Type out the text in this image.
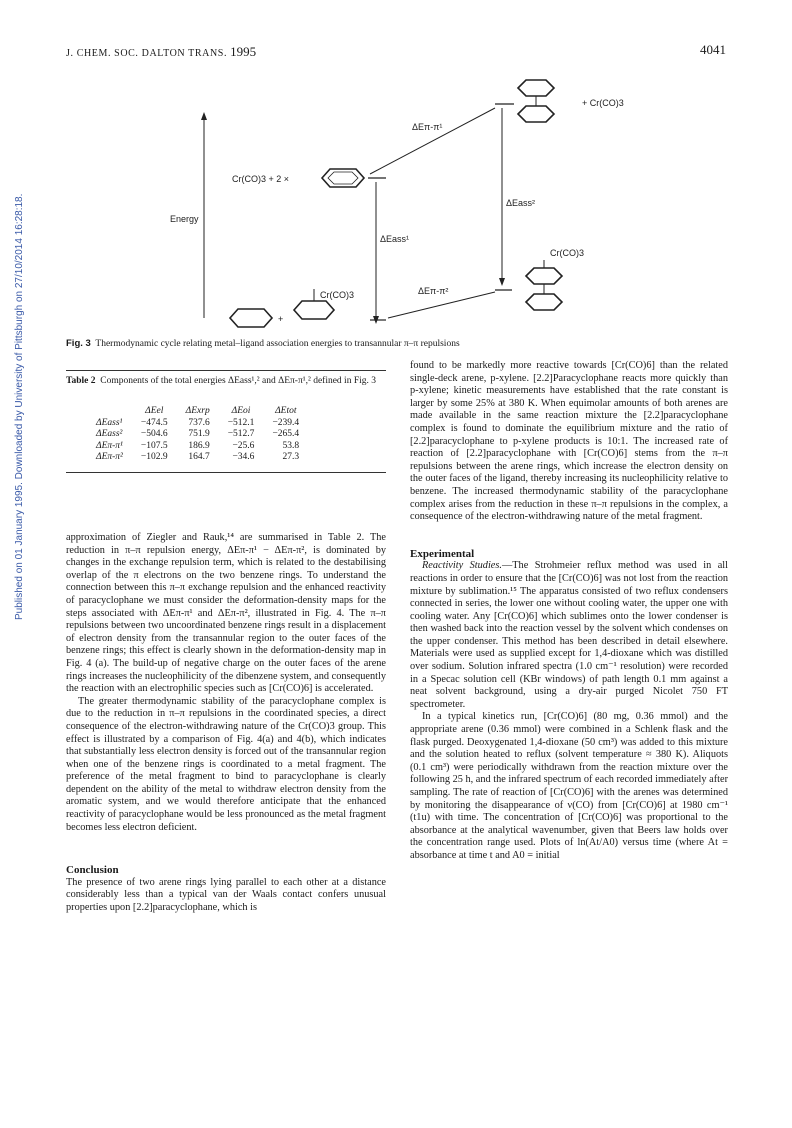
J. CHEM. SOC. DALTON TRANS. 1995	4041
Published on 01 January 1995. Downloaded by University of Pittsburgh on 27/10/2014 16:28:18.	Energy
Cr(CO)3 + 2 ×
+ Cr(CO)3
ΔEπ-π¹
ΔEass¹
ΔEass²
+
Cr(CO)3	ΔEπ-π²
Cr(CO)3
Fig. 3 Thermodynamic cycle relating metal–ligand association energies to transannular π–π repulsions
Table 2 Components of the total energies ΔEass¹,² and ΔEπ-π¹,² defined in Fig. 3
	ΔEel	ΔExrp	ΔEoi	ΔEtot
ΔEass¹	−474.5	737.6	−512.1	−239.4
ΔEass²	−504.6	751.9	−512.7	−265.4
ΔEπ-π¹	−107.5	186.9	−25.6	53.8
ΔEπ-π²	−102.9	164.7	−34.6	27.3

approximation of Ziegler and Rauk,¹⁴ are summarised in Table 2. The reduction in π–π repulsion energy, ΔEπ-π¹ − ΔEπ-π², is dominated by changes in the exchange repulsion term, which is related to the destabilising overlap of the π electrons on the two benzene rings. To understand the connection between this π–π exchange repulsion and the enhanced reactivity of paracyclophane we must consider the deformation-density maps for the steps associated with ΔEπ-π¹ and ΔEπ-π², illustrated in Fig. 4. The π–π repulsions between two uncoordinated benzene rings result in a displacement of electron density from the transannular region to the outer faces of the benzene rings; this effect is clearly shown in the deformation-density map in Fig. 4 (a). The build-up of negative charge on the outer faces of the arene rings increases the nucleophilicity of the dibenzene system, and consequently the reaction with an electrophilic species such as [Cr(CO)6] is accelerated.

The greater thermodynamic stability of the paracyclophane complex is due to the reduction in π–π repulsions in the coordinated species, a direct consequence of the electron-withdrawing nature of the Cr(CO)3 group. This effect is illustrated by a comparison of Fig. 4(a) and 4(b), which indicates that substantially less electron density is forced out of the transannular region when one of the benzene rings is coordinated to a metal fragment. The preference of the metal fragment to bind to paracyclophane is clearly dependent on the ability of the metal to withdraw electron density from the aromatic system, and we would therefore anticipate that the enhanced reactivity of paracyclophane would be less pronounced as the metal fragment becomes less electron deficient.

Conclusion

The presence of two arene rings lying parallel to each other at a distance considerably less than a typical van der Waals contact confers unusual properties upon [2.2]paracyclophane, which is

found to be markedly more reactive towards [Cr(CO)6] than the related single-deck arene, p-xylene. [2.2]Paracyclophane reacts more quickly than p-xylene; kinetic measurements have established that the rate constant is larger by some 25% at 380 K. When equimolar amounts of both arenes are made available in the same reaction mixture the [2.2]paracyclophane complex is found to dominate the equilibrium mixture and the ratio of [2.2]paracyclophane to p-xylene products is 10:1. The increased rate of reaction of [2.2]paracyclophane with [Cr(CO)6] stems from the π–π repulsions between the arene rings, which increase the electron density on the outer faces of the ligand, thereby increasing its nucleophilicity relative to benzene. The increased thermodynamic stability of the paracyclophane complex arises from the reduction in these π–π repulsions in the complex, a consequence of the electron-withdrawing nature of the metal fragment.

Experimental

Reactivity Studies.—The Strohmeier reflux method was used in all reactions in order to ensure that the [Cr(CO)6] was not lost from the reaction mixture by sublimation.¹⁵ The apparatus consisted of two reflux condensers connected in series, the lower one without cooling water, the upper one with cooling water. Any [Cr(CO)6] which sublimes onto the lower condenser is then washed back into the reaction vessel by the solvent which condenses on the upper condenser. This method has been described in detail elsewhere. Materials were used as supplied except for 1,4-dioxane which was distilled over sodium. Solution infrared spectra (1.0 cm⁻¹ resolution) were recorded in a Specac solution cell (KBr windows) of path length 0.1 mm against a neat solvent background, using a dry-air purged Nicolet 750 FT spectrometer.

In a typical kinetics run, [Cr(CO)6] (80 mg, 0.36 mmol) and the appropriate arene (0.36 mmol) were combined in a Schlenk flask and the flask purged. Deoxygenated 1,4-dioxane (50 cm³) was added to this mixture and the solution heated to reflux (solvent temperature ≈ 380 K). Aliquots (0.1 cm³) were periodically withdrawn from the reaction mixture over the following 25 h, and the infrared spectrum of each recorded immediately after sampling. The rate of reaction of [Cr(CO)6] with the arenes was determined by monitoring the disappearance of ν(CO) from [Cr(CO)6] at 1980 cm⁻¹ (t1u) with time. The concentration of [Cr(CO)6] was proportional to the absorbance at the analytical wavenumber, given that Beers law holds over the concentration range used. Plots of ln(At/A0) versus time (where At = absorbance at time t and A0 = initial
